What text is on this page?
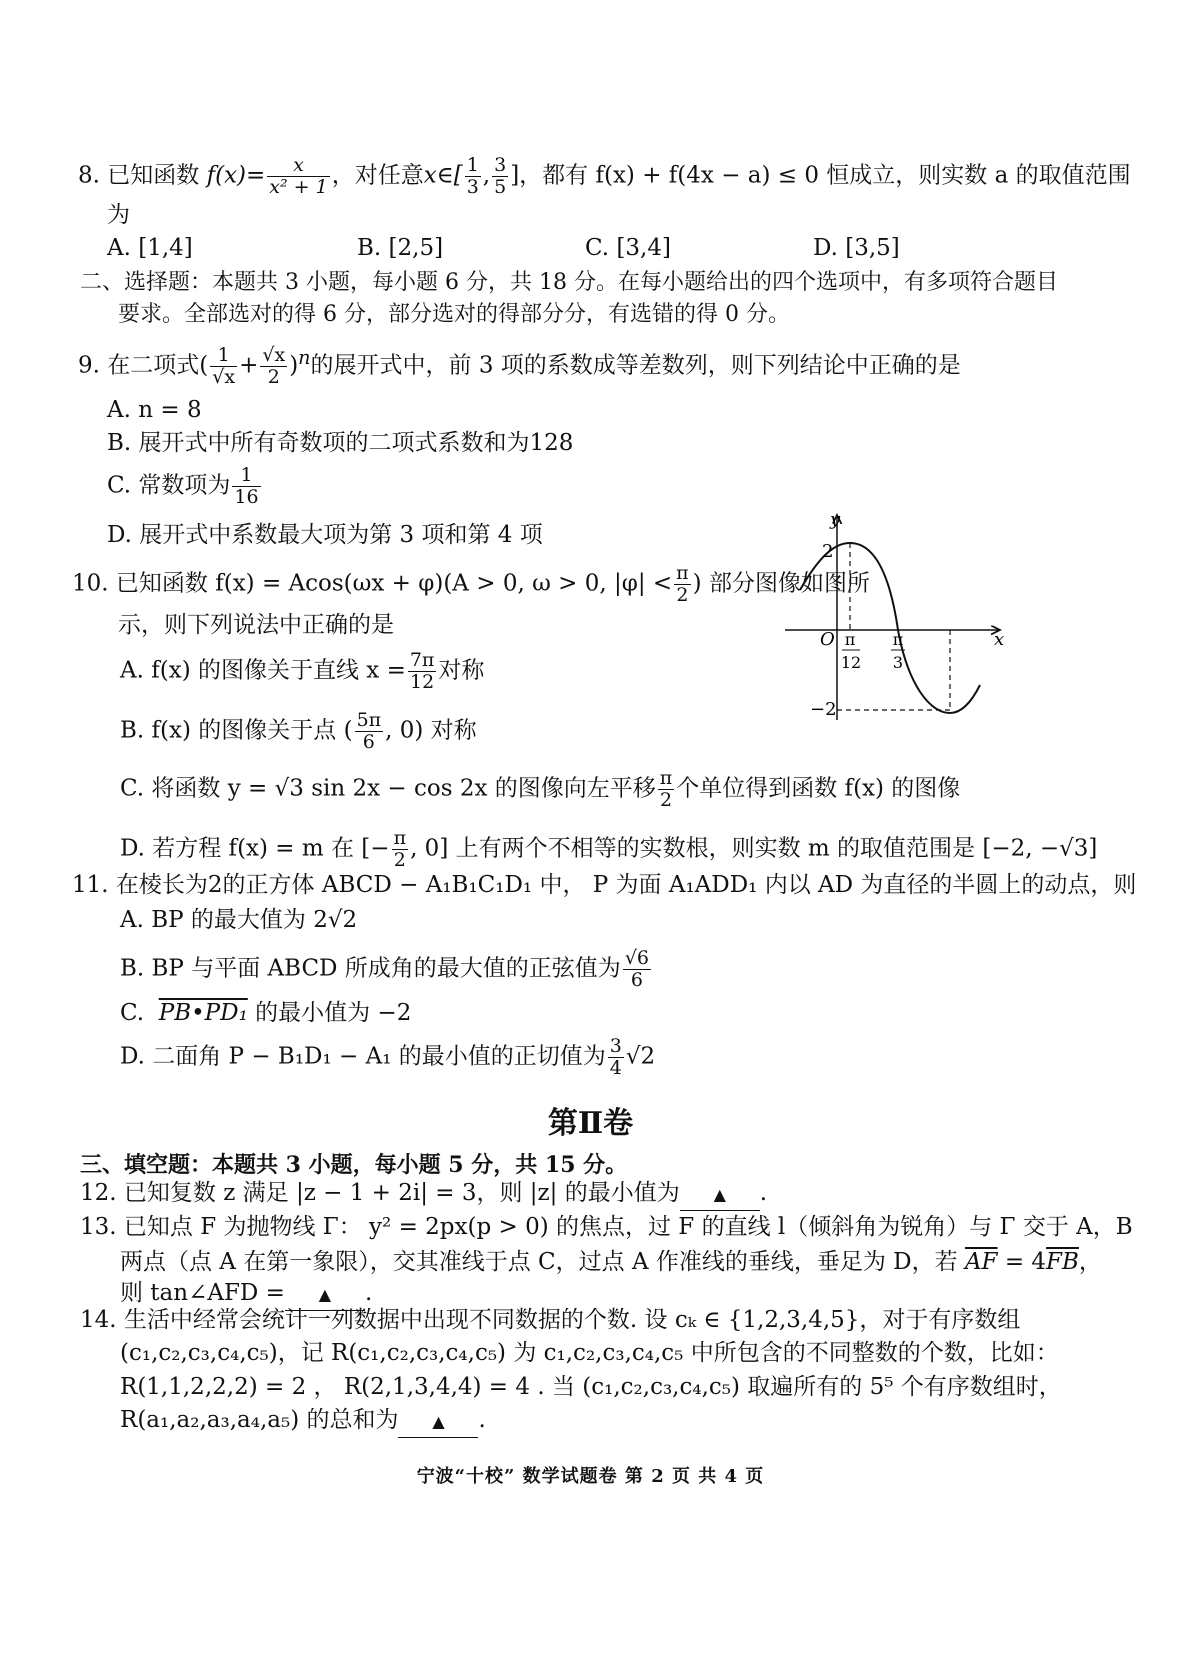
8. 已知函数 $f(x)= \frac{x}{\text{x² + 1}}$ ，对任意x∈[ $\frac{1}{3}$ , $\frac{3}{5}$ ]，都有 f(x) + f(4x − a) ≤ 0 恒成立，则实数 a 的取值范围
为
A. [1,4]	B. [2,5]	C. [3,4]	D. [3,5]
二、选择题：本题共 3 小题，每小题 6 分，共 18 分。在每小题给出的四个选项中，有多项符合题目
要求。全部选对的得 6 分，部分选对的得部分分，有选错的得 0 分。
9. 在二项式( $\frac{1}{√x} + \frac{√x}{2} )^n$的展开式中，前 3 项的系数成等差数列，则下列结论中正确的是
A. n = 8
B. 展开式中所有奇数项的二项式系数和为128
C. 常数项为 $\frac{1}{16}$
D. 展开式中系数最大项为第 3 项和第 4 项
10. 已知函数 f(x) = Acos(ωx + φ)(A > 0, ω > 0, $|\varphi| < \frac{\pi}{2}$ ) 部分图像如图所
示，则下列说法中正确的是
A. f(x) 的图像关于直线 $x = \frac{7\pi}{12}$ 对称
B. f(x) 的图像关于点 ( $\frac{5\pi}{6}$ , 0) 对称
C. 将函数 y = √3 sin 2x − cos 2x 的图像向左平移 $\frac{\pi}{2}$ 个单位得到函数 f(x) 的图像
D. 若方程 f(x) = m 在 [− $\frac{\pi}{2}$ , 0] 上有两个不相等的实数根，则实数 m 的取值范围是 [−2, −√3]
y
x
O
2
−2
π
12
π
3
11. 在棱长为2的正方体 ABCD − A₁B₁C₁D₁ 中， P 为面 A₁ADD₁ 内以 AD 为直径的半圆上的动点，则
A. BP 的最大值为 2√2
B. BP 与平面 ABCD 所成角的最大值的正弦值为 $\frac{√6}{6}$
C. PB•PD₁ 的最小值为 −2
D. 二面角 P − B₁D₁ − A₁ 的最小值的正切值为 $\frac{3}{4} √2$
第Ⅱ卷
三、填空题：本题共 3 小题，每小题 5 分，共 15 分。
12. 已知复数 z 满足 |z − 1 + 2i| = 3，则 |z| 的最小值为 ▲ .
13. 已知点 F 为抛物线 Γ： y² = 2px(p > 0) 的焦点，过 F 的直线 l（倾斜角为锐角）与 Γ 交于 A，B
两点（点 A 在第一象限），交其准线于点 C，过点 A 作准线的垂线，垂足为 D，若 $\overline{AF} = 4\overline{FB}$，
则 tan∠AFD = ▲ .
14. 生活中经常会统计一列数据中出现不同数据的个数. 设 cₖ ∈ {1,2,3,4,5}，对于有序数组
(c₁,c₂,c₃,c₄,c₅)，记 R(c₁,c₂,c₃,c₄,c₅) 为 c₁,c₂,c₃,c₄,c₅ 中所包含的不同整数的个数，比如：
R(1,1,2,2,2) = 2 ， R(2,1,3,4,4) = 4 . 当 (c₁,c₂,c₃,c₄,c₅) 取遍所有的 5⁵ 个有序数组时，
R(a₁,a₂,a₃,a₄,a₅) 的总和为 ▲ .
宁波“十校” 数学试题卷 第 2 页 共 4 页
